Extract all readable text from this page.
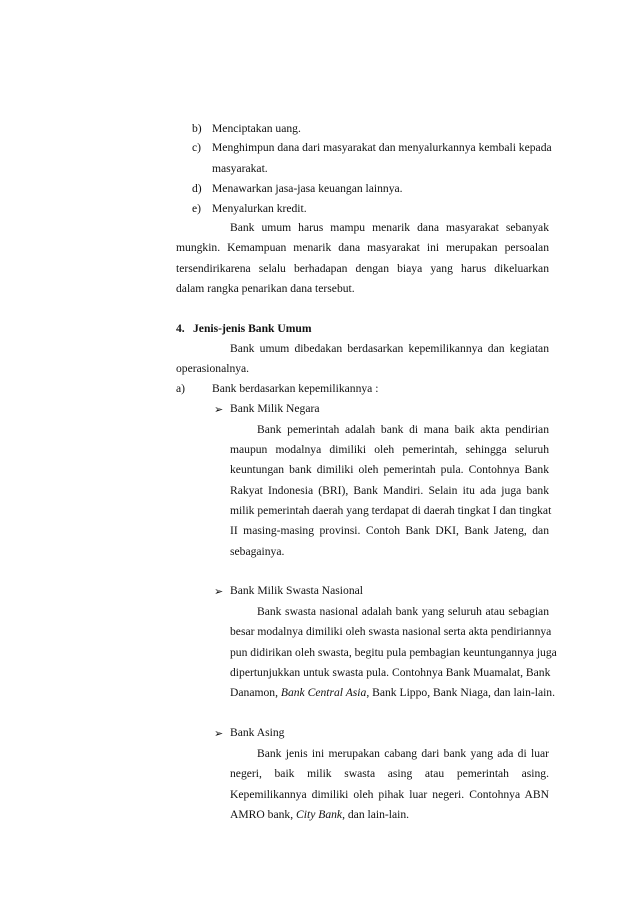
b) Menciptakan uang.
c) Menghimpun dana dari masyarakat dan menyalurkannya kembali kepada
masyarakat.
d) Menawarkan jasa-jasa keuangan lainnya.
e) Menyalurkan kredit.
Bank umum harus mampu menarik dana masyarakat sebanyak
mungkin. Kemampuan menarik dana masyarakat ini merupakan persoalan
tersendirikarena selalu berhadapan dengan biaya yang harus dikeluarkan
dalam rangka penarikan dana tersebut.
4. Jenis-jenis Bank Umum
Bank umum dibedakan berdasarkan kepemilikannya dan kegiatan
operasionalnya.
a) Bank berdasarkan kepemilikannya :
➢ Bank Milik Negara
Bank pemerintah adalah bank di mana baik akta pendirian
maupun modalnya dimiliki oleh pemerintah, sehingga seluruh
keuntungan bank dimiliki oleh pemerintah pula. Contohnya Bank
Rakyat Indonesia (BRI), Bank Mandiri. Selain itu ada juga bank
milik pemerintah daerah yang terdapat di daerah tingkat I dan tingkat
II masing-masing provinsi. Contoh Bank DKI, Bank Jateng, dan
sebagainya.
➢ Bank Milik Swasta Nasional
Bank swasta nasional adalah bank yang seluruh atau sebagian
besar modalnya dimiliki oleh swasta nasional serta akta pendiriannya
pun didirikan oleh swasta, begitu pula pembagian keuntungannya juga
dipertunjukkan untuk swasta pula. Contohnya Bank Muamalat, Bank
Danamon, Bank Central Asia, Bank Lippo, Bank Niaga, dan lain-lain.
➢ Bank Asing
Bank jenis ini merupakan cabang dari bank yang ada di luar
negeri, baik milik swasta asing atau pemerintah asing.
Kepemilikannya dimiliki oleh pihak luar negeri. Contohnya ABN
AMRO bank, City Bank, dan lain-lain.
